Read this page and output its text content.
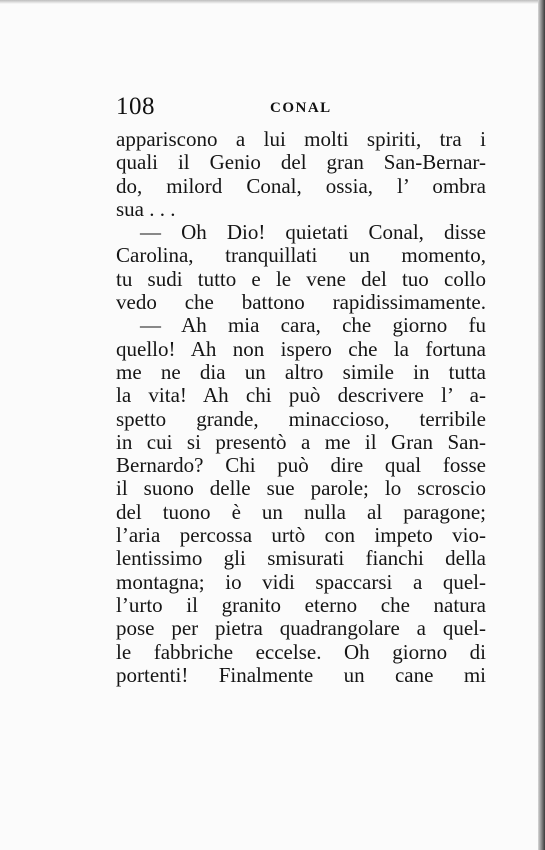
108	CONAL
appariscono a lui molti spiriti, tra i
quali il Genio del gran San-Bernar-
do, milord Conal, ossia, l’ ombra
sua . . .
— Oh Dio! quietati Conal, disse
Carolina, tranquillati un momento,
tu sudi tutto e le vene del tuo collo
vedo che battono rapidissimamente.
— Ah mia cara, che giorno fu
quello! Ah non ispero che la fortuna
me ne dia un altro simile in tutta
la vita! Ah chi può descrivere l’ a-
spetto grande, minaccioso, terribile
in cui si presentò a me il Gran San-
Bernardo? Chi può dire qual fosse
il suono delle sue parole; lo scroscio
del tuono è un nulla al paragone;
l’aria percossa urtò con impeto vio-
lentissimo gli smisurati fianchi della
montagna; io vidi spaccarsi a quel-
l’urto il granito eterno che natura
pose per pietra quadrangolare a quel-
le fabbriche eccelse. Oh giorno di
portenti! Finalmente un cane mi
